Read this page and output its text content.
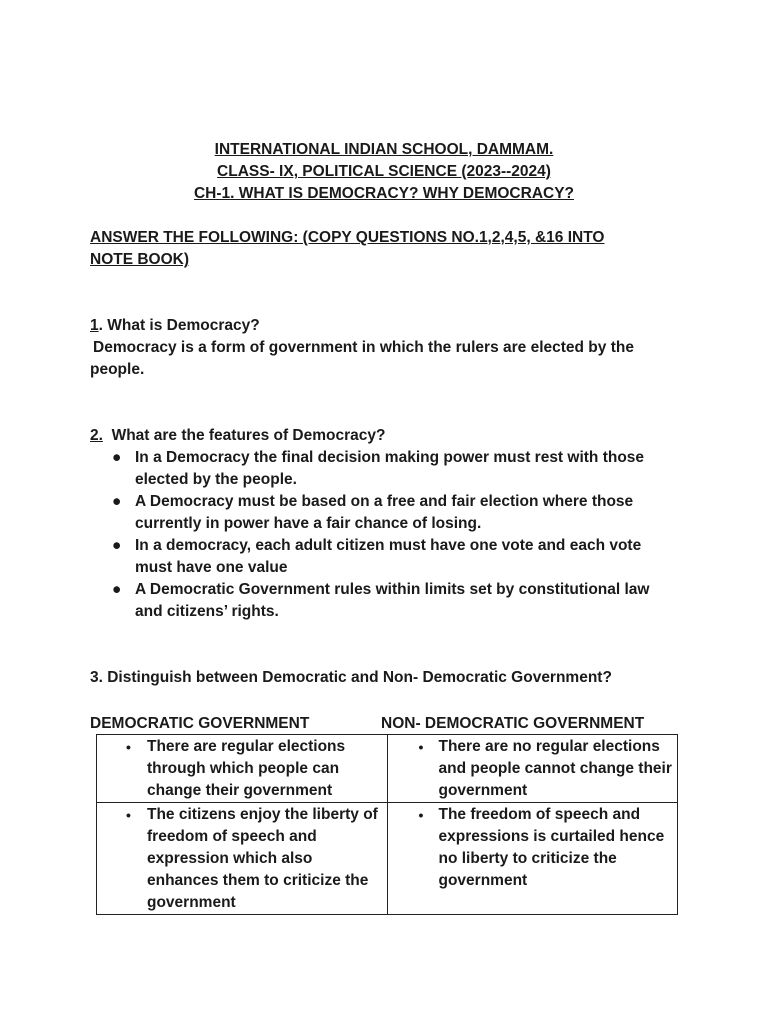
INTERNATIONAL INDIAN SCHOOL, DAMMAM.
CLASS- IX, POLITICAL SCIENCE (2023--2024)
CH-1. WHAT IS DEMOCRACY? WHY DEMOCRACY?
ANSWER THE FOLLOWING: (COPY QUESTIONS NO.1,2,4,5, &16 INTO NOTE BOOK)
1. What is Democracy?
Democracy is a form of government in which the rulers are elected by the people.
2. What are the features of Democracy?
● In a Democracy the final decision making power must rest with those elected by the people.
● A Democracy must be based on a free and fair election where those currently in power have a fair chance of losing.
● In a democracy, each adult citizen must have one vote and each vote must have one value
● A Democratic Government rules within limits set by constitutional law and citizens’ rights.
3. Distinguish between Democratic and Non- Democratic Government?
DEMOCRATIC GOVERNMENT	NON- DEMOCRATIC GOVERNMENT
• There are regular elections through which people can change their government	• There are no regular elections and people cannot change their government

• The citizens enjoy the liberty of freedom of speech and expression which also enhances them to criticize the government	• The freedom of speech and expressions is curtailed hence no liberty to criticize the government
